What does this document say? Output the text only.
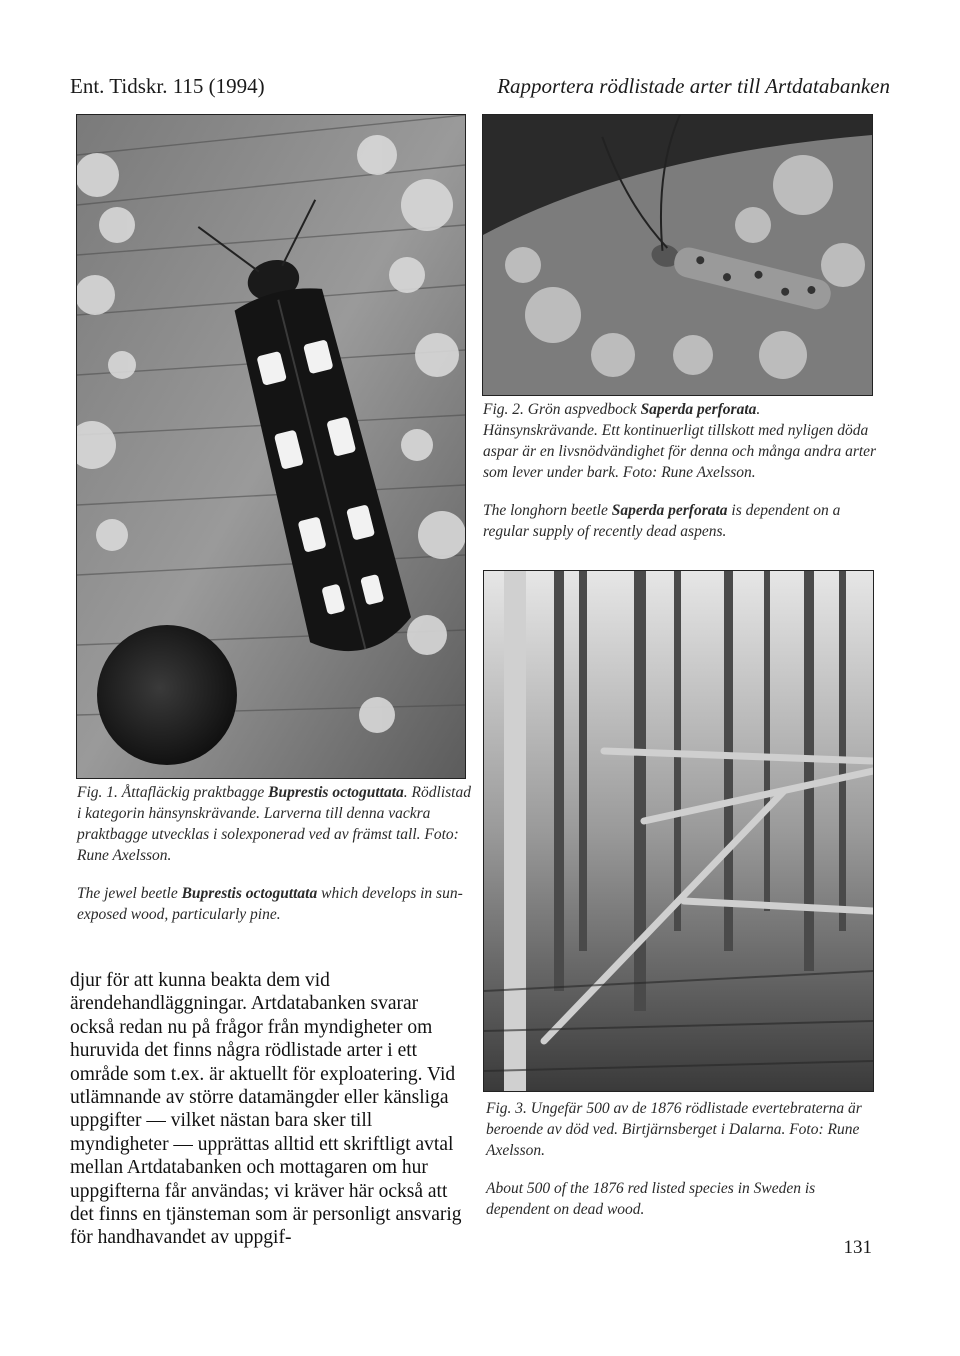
Ent. Tidskr. 115 (1994)	Rapportera rödlistade arter till Artdatabanken

Fig. 2. Grön aspvedbock Saperda perforata. Hänsynskrävande. Ett kontinuerligt tillskott med nyligen döda aspar är en livsnödvändighet för denna och många andra arter som lever under bark. Foto: Rune Axelsson.

The longhorn beetle Saperda perforata is dependent on a regular supply of recently dead aspens.

Fig. 1. Åttafläckig praktbagge Buprestis octoguttata. Rödlistad i kategorin hänsynskrävande. Larverna till denna vackra praktbagge utvecklas i solexponerad ved av främst tall. Foto: Rune Axelsson.

The jewel beetle Buprestis octoguttata which develops in sun-exposed wood, particularly pine.

djur för att kunna beakta dem vid ärendehandläggningar. Artdatabanken svarar också redan nu på frågor från myndigheter om huruvida det finns några rödlistade arter i ett område som t.ex. är aktuellt för exploatering. Vid utlämnande av större datamängder eller känsliga uppgifter — vilket nästan bara sker till myndigheter — upprättas alltid ett skriftligt avtal mellan Artdatabanken och mottagaren om hur uppgifterna får användas; vi kräver här också att det finns en tjänsteman som är personligt ansvarig för handhavandet av uppgif-

Fig. 3. Ungefär 500 av de 1876 rödlistade evertebraterna är beroende av död ved. Birtjärnsberget i Dalarna. Foto: Rune Axelsson.

About 500 of the 1876 red listed species in Sweden is dependent on dead wood.

131
